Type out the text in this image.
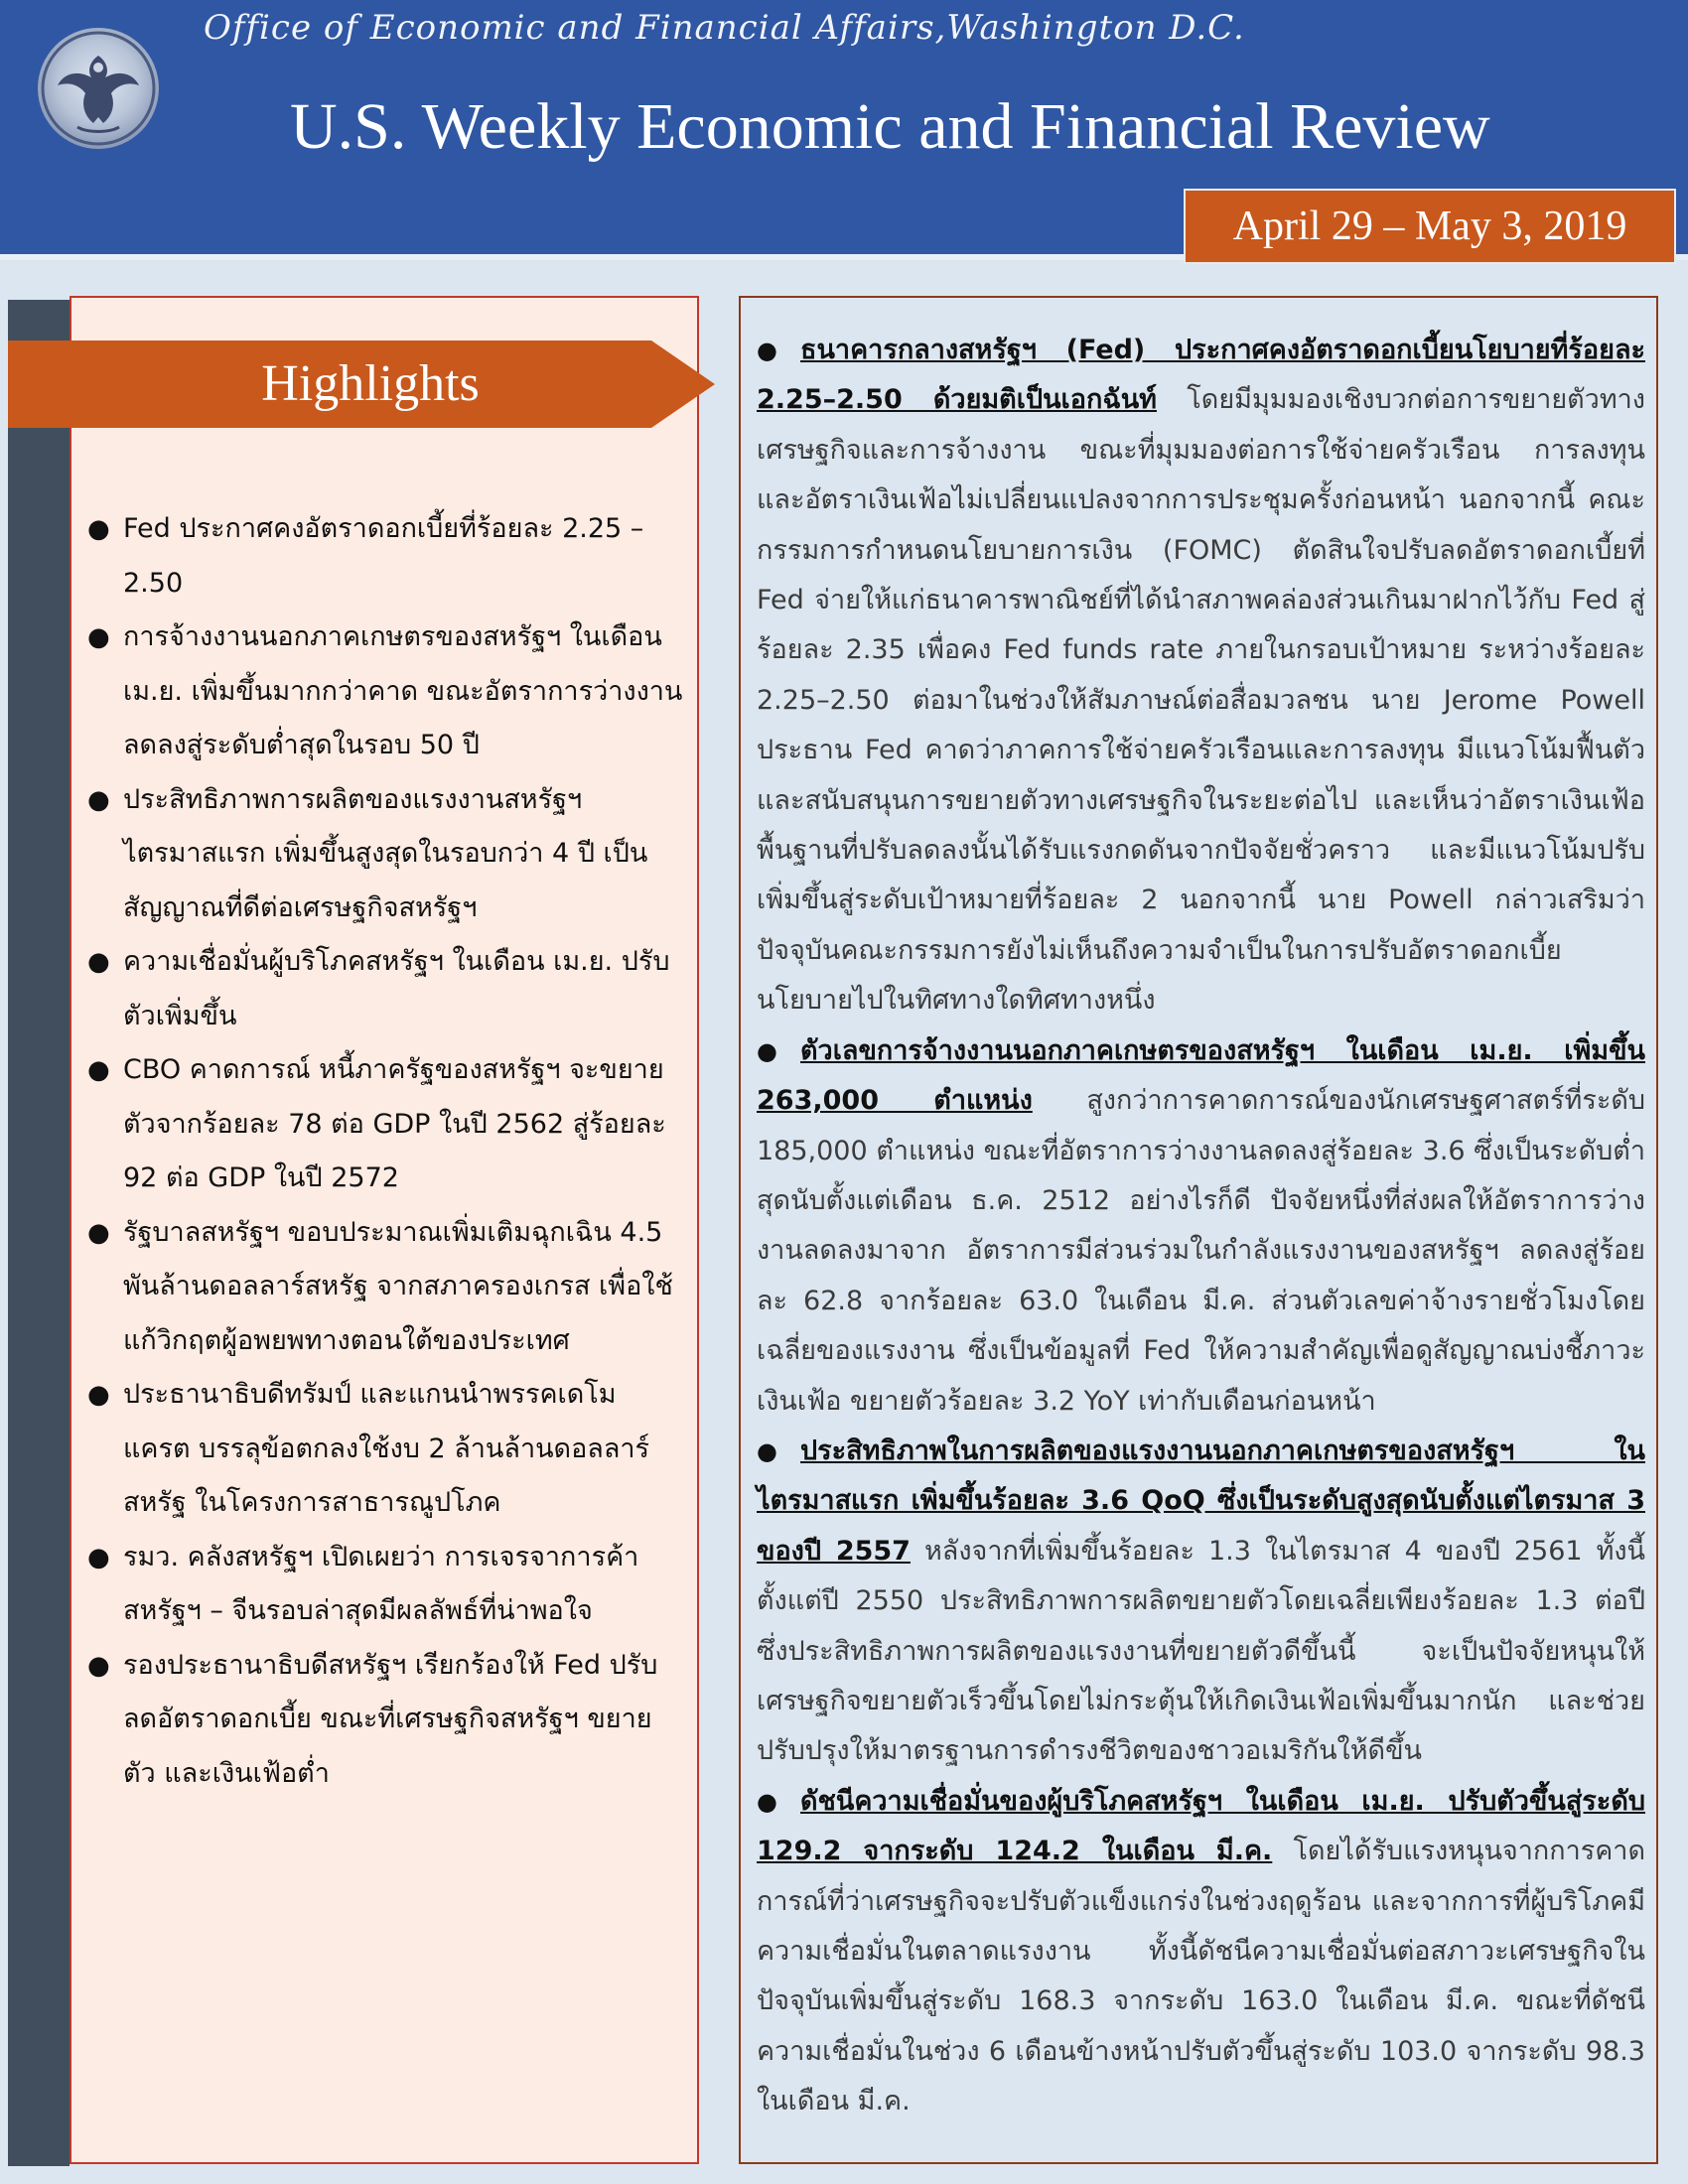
Office of Economic and Financial Affairs,Washington D.C.
U.S. Weekly Economic and Financial Review
April 29 – May 3, 2019
Highlights
● Fed ประกาศคงอัตราดอกเบี้ยที่ร้อยละ 2.25 – 2.50
● การจ้างงานนอกภาคเกษตรของสหรัฐฯ ในเดือน เม.ย. เพิ่มขึ้นมากกว่าคาด ขณะอัตราการว่างงานลดลงสู่ระดับต่ำสุดในรอบ 50 ปี
● ประสิทธิภาพการผลิตของแรงงานสหรัฐฯ ไตรมาสแรก เพิ่มขึ้นสูงสุดในรอบกว่า 4 ปี เป็นสัญญาณที่ดีต่อเศรษฐกิจสหรัฐฯ
● ความเชื่อมั่นผู้บริโภคสหรัฐฯ ในเดือน เม.ย. ปรับตัวเพิ่มขึ้น
● CBO คาดการณ์ หนี้ภาครัฐของสหรัฐฯ จะขยายตัวจากร้อยละ 78 ต่อ GDP ในปี 2562 สู่ร้อยละ 92 ต่อ GDP ในปี 2572
● รัฐบาลสหรัฐฯ ขอบประมาณเพิ่มเติมฉุกเฉิน 4.5 พันล้านดอลลาร์สหรัฐ จากสภาครองเกรส เพื่อใช้แก้วิกฤตผู้อพยพทางตอนใต้ของประเทศ
● ประธานาธิบดีทรัมป์ และแกนนำพรรคเดโมแครต บรรลุข้อตกลงใช้งบ 2 ล้านล้านดอลลาร์สหรัฐ ในโครงการสาธารณูปโภค
● รมว. คลังสหรัฐฯ เปิดเผยว่า การเจรจาการค้าสหรัฐฯ – จีนรอบล่าสุดมีผลลัพธ์ที่น่าพอใจ
● รองประธานาธิบดีสหรัฐฯ เรียกร้องให้ Fed ปรับลดอัตราดอกเบี้ย ขณะที่เศรษฐกิจสหรัฐฯ ขยายตัว และเงินเฟ้อต่ำ

● ธนาคารกลางสหรัฐฯ (Fed) ประกาศคงอัตราดอกเบี้ยนโยบายที่ร้อยละ 2.25–2.50 ด้วยมติเป็นเอกฉันท์ โดยมีมุมมองเชิงบวกต่อการขยายตัวทางเศรษฐกิจและการจ้างงาน ขณะที่มุมมองต่อการใช้จ่ายครัวเรือน การลงทุน และอัตราเงินเฟ้อไม่เปลี่ยนแปลงจากการประชุมครั้งก่อนหน้า นอกจากนี้ คณะกรรมการกำหนดนโยบายการเงิน (FOMC) ตัดสินใจปรับลดอัตราดอกเบี้ยที่ Fed จ่ายให้แก่ธนาคารพาณิชย์ที่ได้นำสภาพคล่องส่วนเกินมาฝากไว้กับ Fed สู่ร้อยละ 2.35 เพื่อคง Fed funds rate ภายในกรอบเป้าหมาย ระหว่างร้อยละ 2.25–2.50 ต่อมาในช่วงให้สัมภาษณ์ต่อสื่อมวลชน นาย Jerome Powell ประธาน Fed คาดว่าภาคการใช้จ่ายครัวเรือนและการลงทุน มีแนวโน้มฟื้นตัวและสนับสนุนการขยายตัวทางเศรษฐกิจในระยะต่อไป และเห็นว่าอัตราเงินเฟ้อพื้นฐานที่ปรับลดลงนั้นได้รับแรงกดดันจากปัจจัยชั่วคราว และมีแนวโน้มปรับเพิ่มขึ้นสู่ระดับเป้าหมายที่ร้อยละ 2 นอกจากนี้ นาย Powell กล่าวเสริมว่า ปัจจุบันคณะกรรมการยังไม่เห็นถึงความจำเป็นในการปรับอัตราดอกเบี้ยนโยบายไปในทิศทางใดทิศทางหนึ่ง

● ตัวเลขการจ้างงานนอกภาคเกษตรของสหรัฐฯ ในเดือน เม.ย. เพิ่มขึ้น 263,000 ตำแหน่ง สูงกว่าการคาดการณ์ของนักเศรษฐศาสตร์ที่ระดับ 185,000 ตำแหน่ง ขณะที่อัตราการว่างงานลดลงสู่ร้อยละ 3.6 ซึ่งเป็นระดับต่ำสุดนับตั้งแต่เดือน ธ.ค. 2512 อย่างไรก็ดี ปัจจัยหนึ่งที่ส่งผลให้อัตราการว่างงานลดลงมาจาก อัตราการมีส่วนร่วมในกำลังแรงงานของสหรัฐฯ ลดลงสู่ร้อยละ 62.8 จากร้อยละ 63.0 ในเดือน มี.ค. ส่วนตัวเลขค่าจ้างรายชั่วโมงโดยเฉลี่ยของแรงงาน ซึ่งเป็นข้อมูลที่ Fed ให้ความสำคัญเพื่อดูสัญญาณบ่งชี้ภาวะเงินเฟ้อ ขยายตัวร้อยละ 3.2 YoY เท่ากับเดือนก่อนหน้า

● ประสิทธิภาพในการผลิตของแรงงานนอกภาคเกษตรของสหรัฐฯ ในไตรมาสแรก เพิ่มขึ้นร้อยละ 3.6 QoQ ซึ่งเป็นระดับสูงสุดนับตั้งแต่ไตรมาส 3 ของปี 2557 หลังจากที่เพิ่มขึ้นร้อยละ 1.3 ในไตรมาส 4 ของปี 2561 ทั้งนี้ตั้งแต่ปี 2550 ประสิทธิภาพการผลิตขยายตัวโดยเฉลี่ยเพียงร้อยละ 1.3 ต่อปี ซึ่งประสิทธิภาพการผลิตของแรงงานที่ขยายตัวดีขึ้นนี้ จะเป็นปัจจัยหนุนให้เศรษฐกิจขยายตัวเร็วขึ้นโดยไม่กระตุ้นให้เกิดเงินเฟ้อเพิ่มขึ้นมากนัก และช่วยปรับปรุงให้มาตรฐานการดำรงชีวิตของชาวอเมริกันให้ดีขึ้น

● ดัชนีความเชื่อมั่นของผู้บริโภคสหรัฐฯ ในเดือน เม.ย. ปรับตัวขึ้นสู่ระดับ 129.2 จากระดับ 124.2 ในเดือน มี.ค. โดยได้รับแรงหนุนจากการคาดการณ์ที่ว่าเศรษฐกิจจะปรับตัวแข็งแกร่งในช่วงฤดูร้อน และจากการที่ผู้บริโภคมีความเชื่อมั่นในตลาดแรงงาน ทั้งนี้ดัชนีความเชื่อมั่นต่อสภาวะเศรษฐกิจในปัจจุบันเพิ่มขึ้นสู่ระดับ 168.3 จากระดับ 163.0 ในเดือน มี.ค. ขณะที่ดัชนีความเชื่อมั่นในช่วง 6 เดือนข้างหน้าปรับตัวขึ้นสู่ระดับ 103.0 จากระดับ 98.3 ในเดือน มี.ค.
